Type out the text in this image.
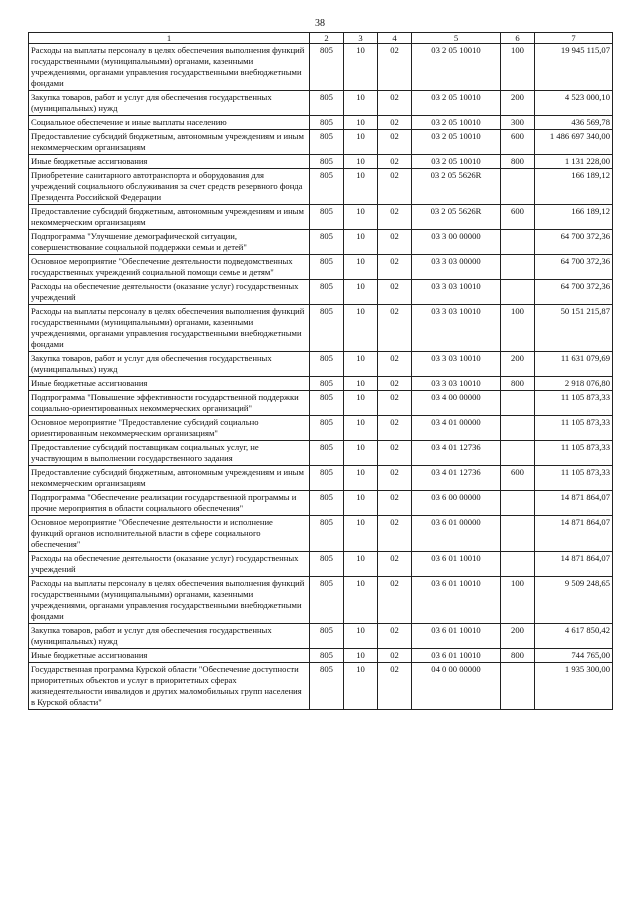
38
1	2	3	4	5	6	7
Расходы на выплаты персоналу в целях обеспечения выполнения функций государственными (муниципальными) органами, казенными учреждениями, органами управления государственными внебюджетными фондами	805	10	02	03 2 05 10010	100	19 945 115,07
Закупка товаров, работ и услуг для обеспечения государственных (муниципальных) нужд	805	10	02	03 2 05 10010	200	4 523 000,10
Социальное обеспечение и иные выплаты населению	805	10	02	03 2 05 10010	300	436 569,78
Предоставление субсидий бюджетным, автономным учреждениям и иным некоммерческим организациям	805	10	02	03 2 05 10010	600	1 486 697 340,00
Иные бюджетные ассигнования	805	10	02	03 2 05 10010	800	1 131 228,00
Приобретение санитарного автотранспорта и оборудования для учреждений социального обслуживания за счет средств резервного фонда Президента Российской Федерации	805	10	02	03 2 05 5626R		166 189,12
Предоставление субсидий бюджетным, автономным учреждениям и иным некоммерческим организациям	805	10	02	03 2 05 5626R	600	166 189,12
Подпрограмма "Улучшение демографической ситуации, совершенствование социальной поддержки семьи и детей"	805	10	02	03 3 00 00000		64 700 372,36
Основное мероприятие "Обеспечение деятельности подведомственных государственных учреждений социальной помощи семье и детям"	805	10	02	03 3 03 00000		64 700 372,36
Расходы на обеспечение деятельности (оказание услуг) государственных учреждений	805	10	02	03 3 03 10010		64 700 372,36
Расходы на выплаты персоналу в целях обеспечения выполнения функций государственными (муниципальными) органами, казенными учреждениями, органами управления государственными внебюджетными фондами	805	10	02	03 3 03 10010	100	50 151 215,87
Закупка товаров, работ и услуг для обеспечения государственных (муниципальных) нужд	805	10	02	03 3 03 10010	200	11 631 079,69
Иные бюджетные ассигнования	805	10	02	03 3 03 10010	800	2 918 076,80
Подпрограмма "Повышение эффективности государственной поддержки социально-ориентированных некоммерческих организаций"	805	10	02	03 4 00 00000		11 105 873,33
Основное мероприятие "Предоставление субсидий социально ориентированным некоммерческим организациям"	805	10	02	03 4 01 00000		11 105 873,33
Предоставление субсидий поставщикам социальных услуг, не участвующим в выполнении государственного задания	805	10	02	03 4 01 12736		11 105 873,33
Предоставление субсидий бюджетным, автономным учреждениям и иным некоммерческим организациям	805	10	02	03 4 01 12736	600	11 105 873,33
Подпрограмма "Обеспечение реализации государственной программы и прочие мероприятия в области социального обеспечения"	805	10	02	03 6 00 00000		14 871 864,07
Основное мероприятие "Обеспечение деятельности и исполнение функций органов исполнительной власти в сфере социального обеспечения"	805	10	02	03 6 01 00000		14 871 864,07
Расходы на обеспечение деятельности (оказание услуг) государственных учреждений	805	10	02	03 6 01 10010		14 871 864,07
Расходы на выплаты персоналу в целях обеспечения выполнения функций государственными (муниципальными) органами, казенными учреждениями, органами управления государственными внебюджетными фондами	805	10	02	03 6 01 10010	100	9 509 248,65
Закупка товаров, работ и услуг для обеспечения государственных (муниципальных) нужд	805	10	02	03 6 01 10010	200	4 617 850,42
Иные бюджетные ассигнования	805	10	02	03 6 01 10010	800	744 765,00
Государственная программа Курской области "Обеспечение доступности приоритетных объектов и услуг в приоритетных сферах жизнедеятельности инвалидов и других маломобильных групп населения в Курской области"	805	10	02	04 0 00 00000		1 935 300,00
